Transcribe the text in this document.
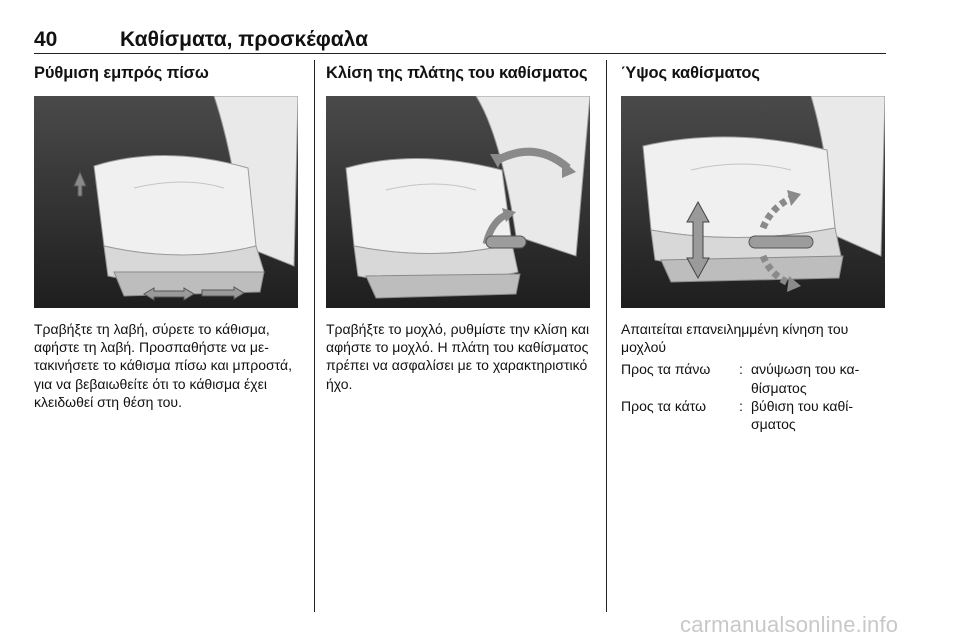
40	Καθίσματα, προσκέφαλα
Ρύθμιση εμπρός πίσω

Τραβήξτε τη λαβή, σύρετε το κάθισμα, αφήστε τη λαβή. Προσπαθήστε να μετακινήσετε το κάθισμα πίσω και μπροστά, για να βεβαιωθείτε ότι το κάθισμα έχει κλειδωθεί στη θέση του.

Κλίση της πλάτης του καθίσματος

Τραβήξτε το μοχλό, ρυθμίστε την κλίση και αφήστε το μοχλό. Η πλάτη του καθίσματος πρέπει να ασφαλίσει με το χαρακτηριστικό ήχο.

Ύψος καθίσματος

Απαιτείται επανειλημμένη κίνηση του μοχλού

Προς τα πάνω	: ανύψωση του καθίσματος
Προς τα κάτω	: βύθιση του καθίσματος
carmanualsonline.info
